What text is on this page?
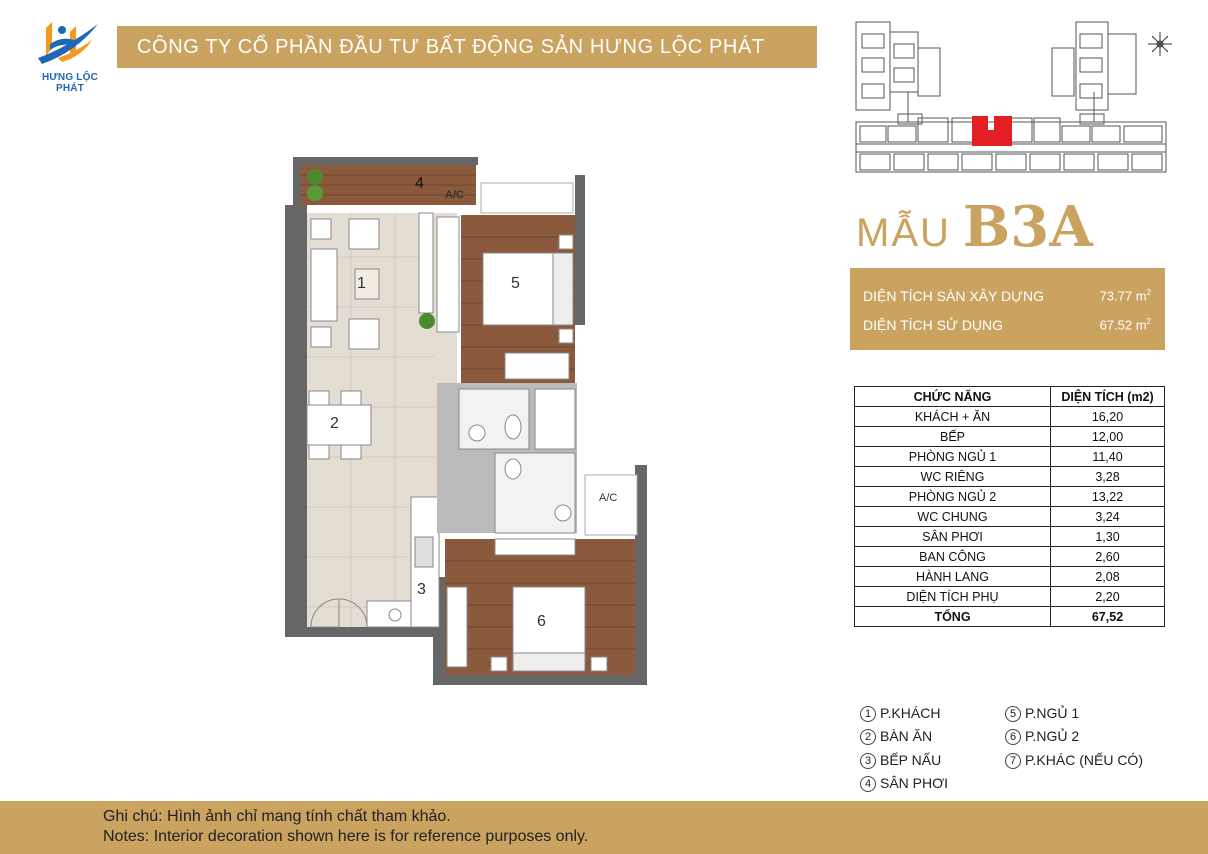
HƯNG LỘC PHÁT
CÔNG TY CỔ PHẦN ĐẦU TƯ BẤT ĐỘNG SẢN HƯNG LỘC PHÁT
MẪU B3A
DIỆN TÍCH SÀN XÂY DỰNG	73.77 $m^2$
DIỆN TÍCH SỬ DỤNG	67.52 $m^2$
CHỨC NĂNG	DIỆN TÍCH (m2)
KHÁCH + ĂN	16,20
BẾP	12,00
PHÒNG NGỦ 1	11,40
WC RIÊNG	3,28
PHÒNG NGỦ 2	13,22
WC CHUNG	3,24
SÂN PHƠI	1,30
BAN CÔNG	2,60
HÀNH LANG	2,08
DIỆN TÍCH PHỤ	2,20
TỔNG	67,52
1 P.KHÁCH
2 BÀN ĂN
3 BẾP NẤU
4 SÂN PHƠI
5 P.NGỦ 1
6 P.NGỦ 2
7 P.KHÁC (NẾU CÓ)
1
2
3
4
5
6
A/C
A/C
Ghi chú: Hình ảnh chỉ mang tính chất tham khảo.
Notes: Interior decoration shown here is for reference purposes only.
